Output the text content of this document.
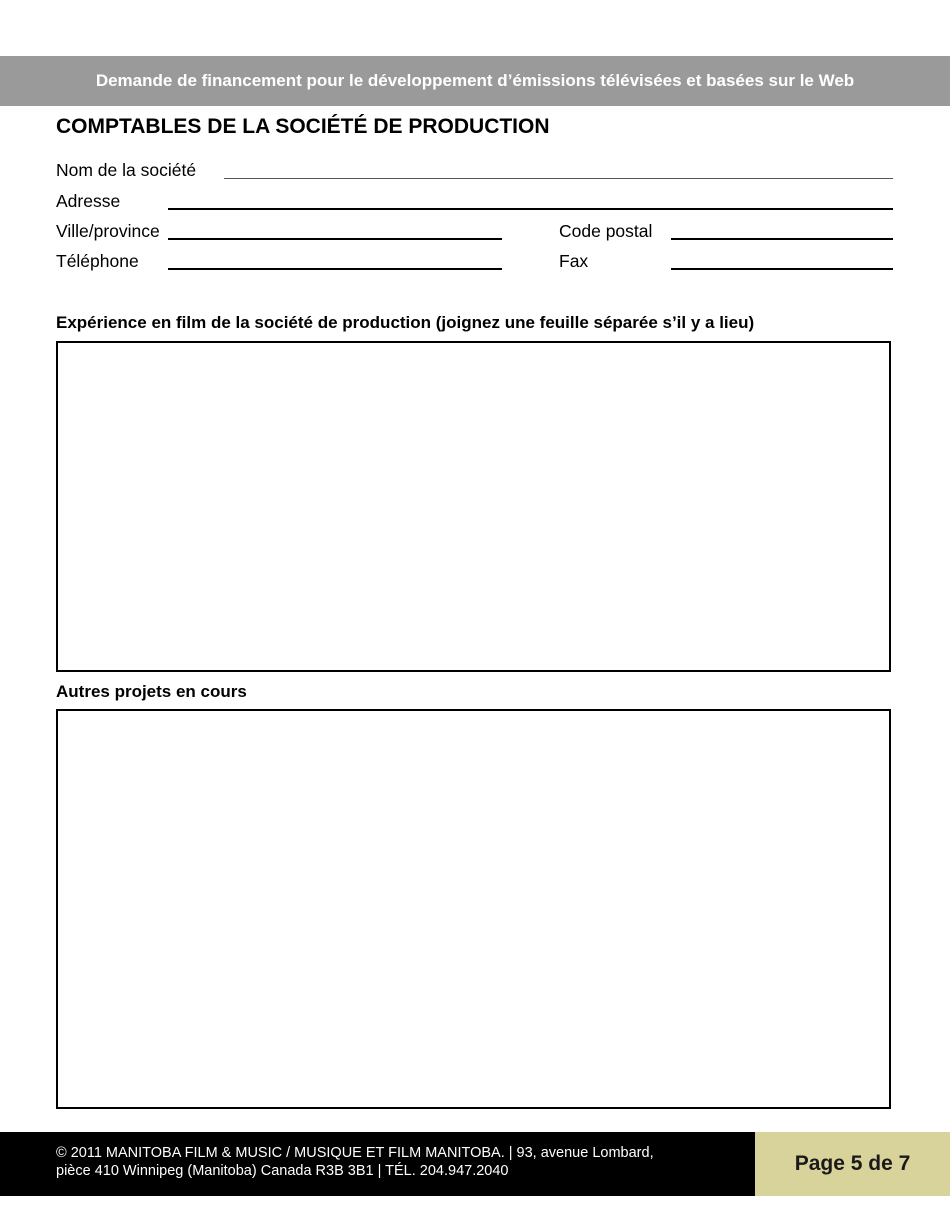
Demande de financement pour le développement d’émissions télévisées et basées sur le Web
COMPTABLES DE LA SOCIÉTÉ DE PRODUCTION
Nom de la société
Adresse
Ville/province	Code postal
Téléphone	Fax
Expérience en film de la société de production (joignez une feuille séparée s’il y a lieu)
Autres projets en cours
© 2011 MANITOBA FILM & MUSIC / MUSIQUE ET FILM MANITOBA. | 93, avenue Lombard,
pièce 410 Winnipeg (Manitoba) Canada R3B 3B1 | TÉL. 204.947.2040	Page 5 de 7
